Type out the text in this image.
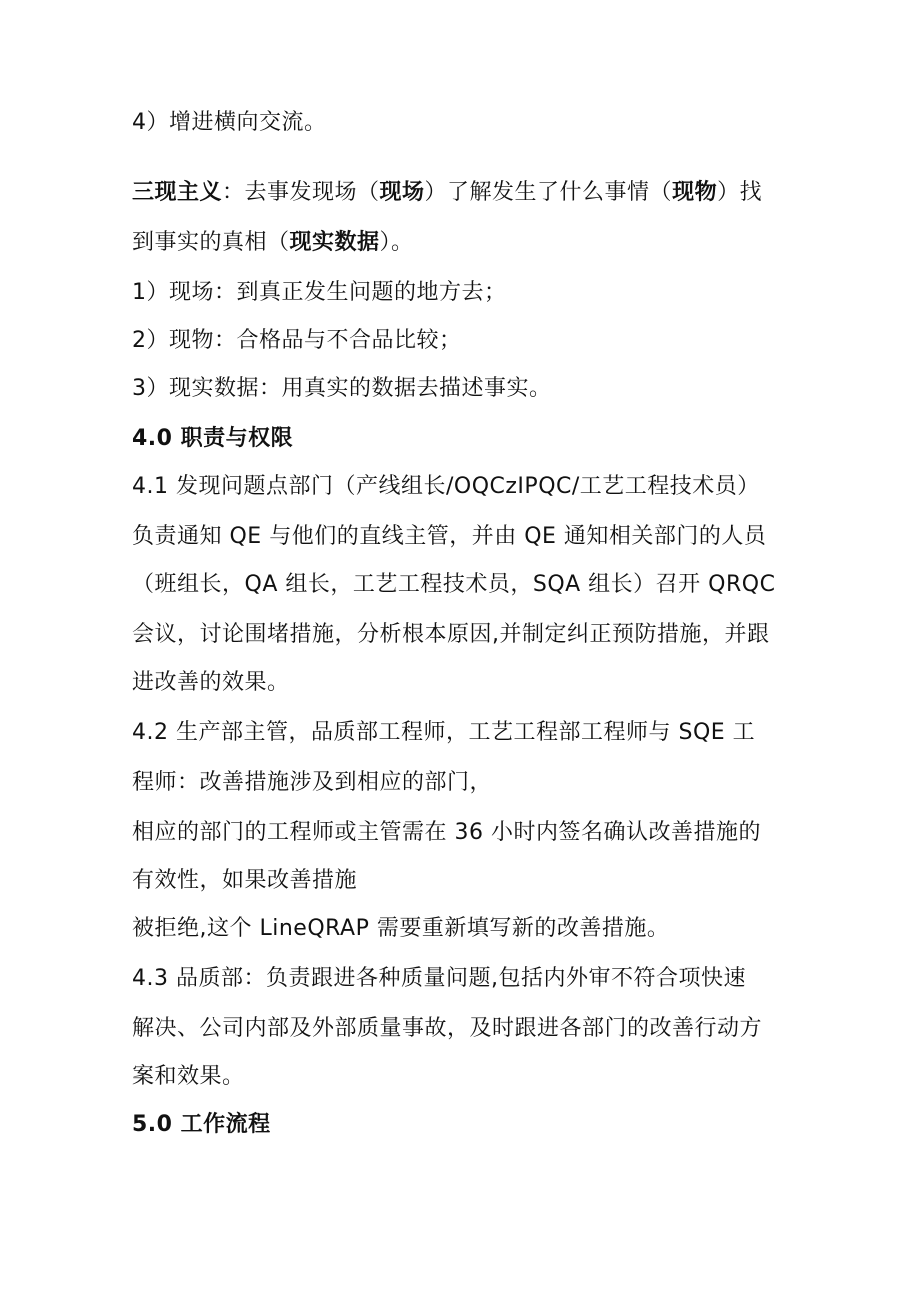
4）增进横向交流。
三现主义：去事发现场（现场）了解发生了什么事情（现物）找
到事实的真相（现实数据）。
1）现场：到真正发生问题的地方去；
2）现物：合格品与不合品比较；
3）现实数据：用真实的数据去描述事实。
4.0 职责与权限
4.1 发现问题点部门（产线组长/OQCzIPQC/工艺工程技术员）
负责通知 QE 与他们的直线主管，并由 QE 通知相关部门的人员
（班组长，QA 组长，工艺工程技术员，SQA 组长）召开 QRQC
会议，讨论围堵措施，分析根本原因,并制定纠正预防措施，并跟
进改善的效果。
4.2 生产部主管，品质部工程师，工艺工程部工程师与 SQE 工
程师：改善措施涉及到相应的部门，
相应的部门的工程师或主管需在 36 小时内签名确认改善措施的
有效性，如果改善措施
被拒绝,这个 LineQRAP 需要重新填写新的改善措施。
4.3 品质部：负责跟进各种质量问题,包括内外审不符合项快速
解决、公司内部及外部质量事故，及时跟进各部门的改善行动方
案和效果。
5.0 工作流程
